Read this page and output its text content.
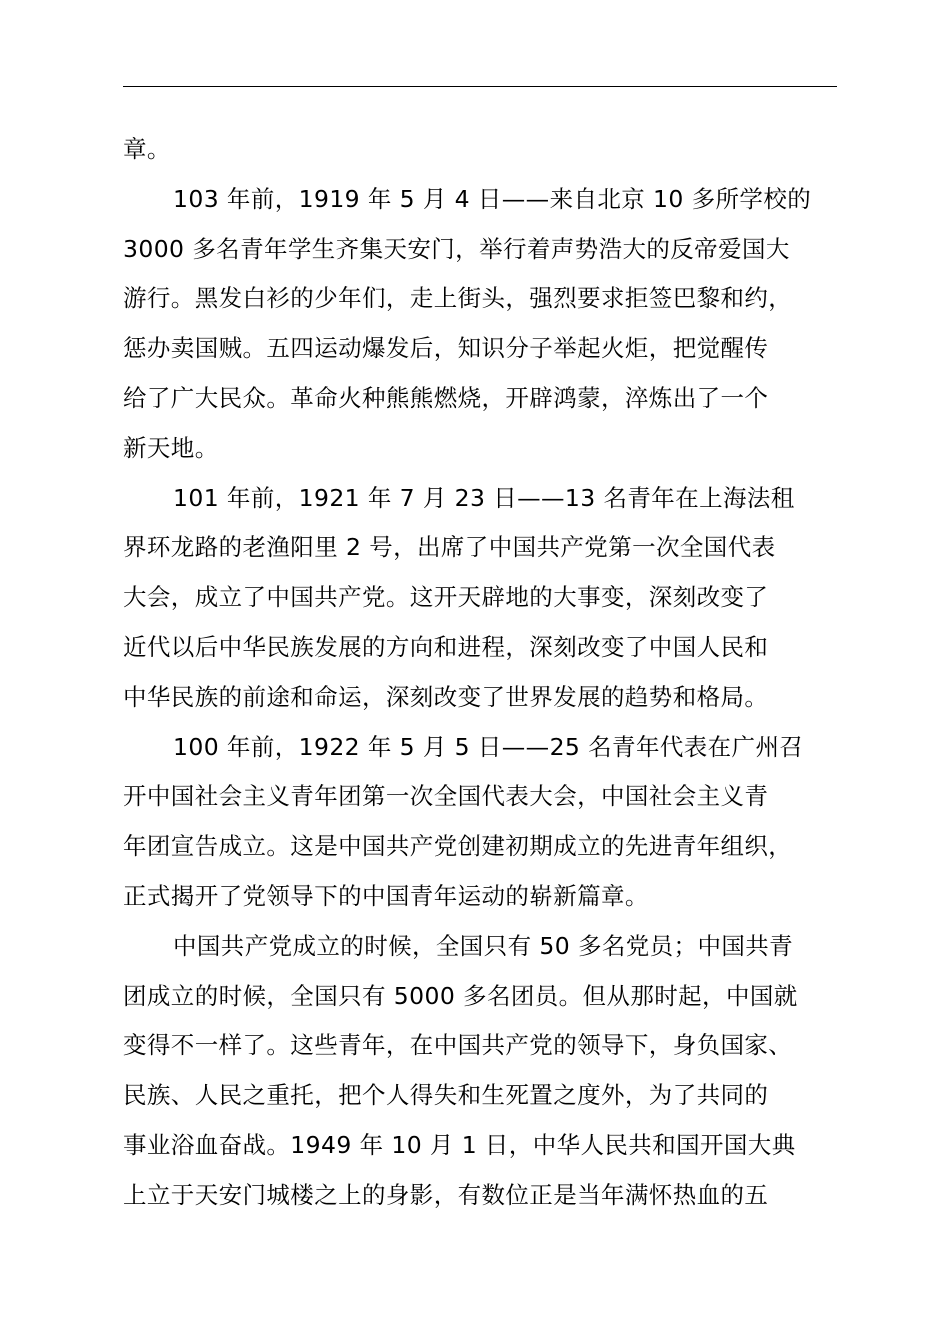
章。
103 年前，1919 年 5 月 4 日——来自北京 10 多所学校的
3000 多名青年学生齐集天安门，举行着声势浩大的反帝爱国大
游行。黑发白衫的少年们，走上街头，强烈要求拒签巴黎和约，
惩办卖国贼。五四运动爆发后，知识分子举起火炬，把觉醒传
给了广大民众。革命火种熊熊燃烧，开辟鸿蒙，淬炼出了一个
新天地。
101 年前，1921 年 7 月 23 日——13 名青年在上海法租
界环龙路的老渔阳里 2 号，出席了中国共产党第一次全国代表
大会，成立了中国共产党。这开天辟地的大事变，深刻改变了
近代以后中华民族发展的方向和进程，深刻改变了中国人民和
中华民族的前途和命运，深刻改变了世界发展的趋势和格局。
100 年前，1922 年 5 月 5 日——25 名青年代表在广州召
开中国社会主义青年团第一次全国代表大会，中国社会主义青
年团宣告成立。这是中国共产党创建初期成立的先进青年组织，
正式揭开了党领导下的中国青年运动的崭新篇章。
中国共产党成立的时候，全国只有 50 多名党员；中国共青
团成立的时候，全国只有 5000 多名团员。但从那时起，中国就
变得不一样了。这些青年，在中国共产党的领导下，身负国家、
民族、人民之重托，把个人得失和生死置之度外，为了共同的
事业浴血奋战。1949 年 10 月 1 日，中华人民共和国开国大典
上立于天安门城楼之上的身影，有数位正是当年满怀热血的五
